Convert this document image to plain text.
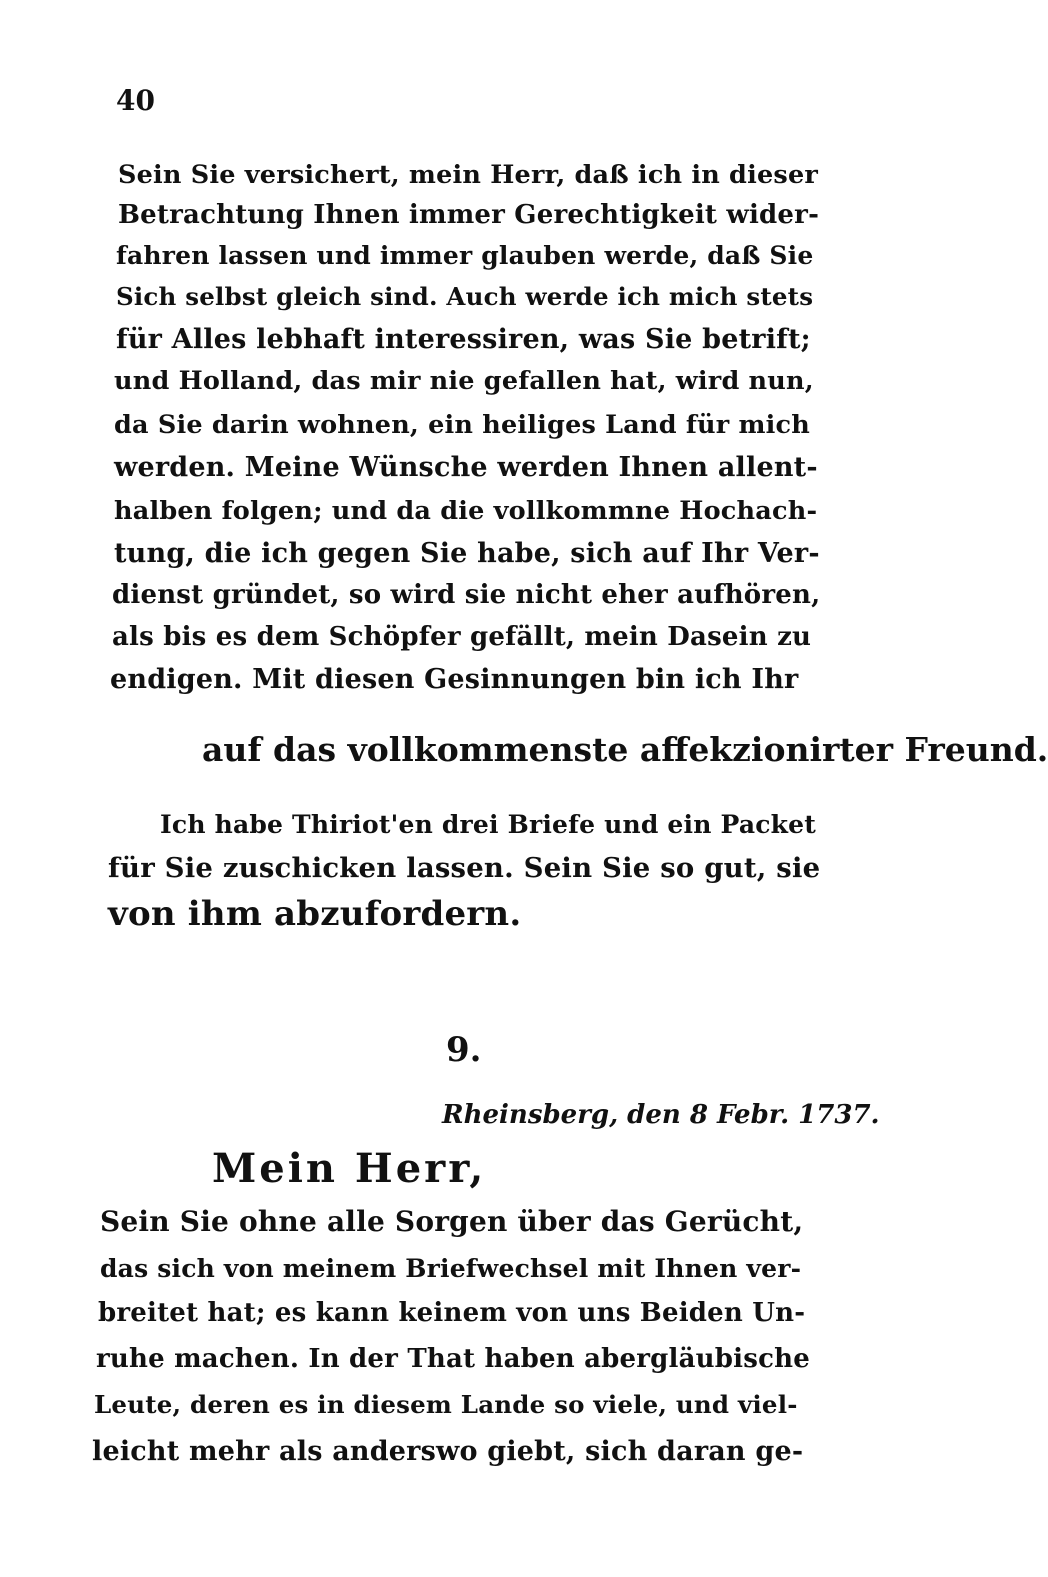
40
Sein Sie versichert, mein Herr, daß ich in dieser
Betrachtung Ihnen immer Gerechtigkeit wider-
fahren lassen und immer glauben werde, daß Sie
Sich selbst gleich sind. Auch werde ich mich stets
für Alles lebhaft interessiren, was Sie betrift;
und Holland, das mir nie gefallen hat, wird nun,
da Sie darin wohnen, ein heiliges Land für mich
werden. Meine Wünsche werden Ihnen allent-
halben folgen; und da die vollkommne Hochach-
tung, die ich gegen Sie habe, sich auf Ihr Ver-
dienst gründet, so wird sie nicht eher aufhören,
als bis es dem Schöpfer gefällt, mein Dasein zu
endigen. Mit diesen Gesinnungen bin ich Ihr
auf das vollkommenste affekzionirter Freund.
Ich habe Thiriot'en drei Briefe und ein Packet
für Sie zuschicken lassen. Sein Sie so gut, sie
von ihm abzufordern.
9.
Rheinsberg, den 8 Febr. 1737.
Mein Herr,
Sein Sie ohne alle Sorgen über das Gerücht,
das sich von meinem Briefwechsel mit Ihnen ver-
breitet hat; es kann keinem von uns Beiden Un-
ruhe machen. In der That haben abergläubische
Leute, deren es in diesem Lande so viele, und viel-
leicht mehr als anderswo giebt, sich daran ge-
